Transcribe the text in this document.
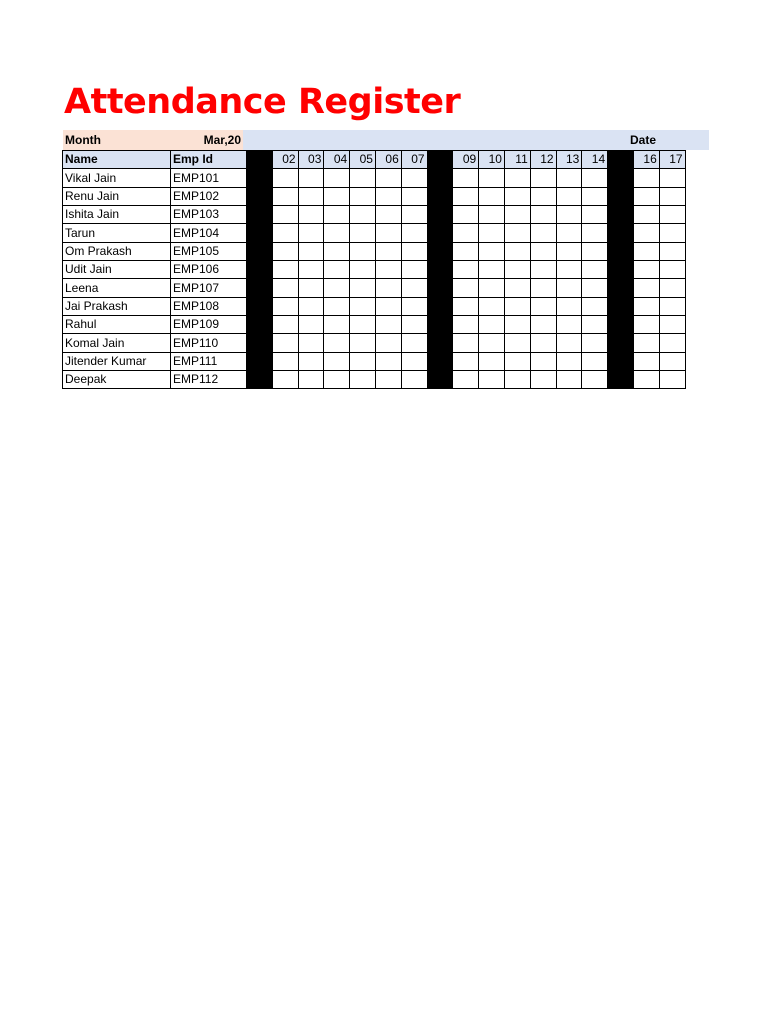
Attendance Register
Month	Mar,20	Date
Name	Emp Id	01	02	03	04	05	06	07	08	09	10	11	12	13	14	15	16	17
Vikal Jain	EMP101																	
Renu Jain	EMP102																	
Ishita Jain	EMP103																	
Tarun	EMP104																	
Om Prakash	EMP105																	
Udit Jain	EMP106																	
Leena	EMP107																	
Jai Prakash	EMP108																	
Rahul	EMP109																	
Komal Jain	EMP110																	
Jitender Kumar	EMP111																	
Deepak	EMP112																	
